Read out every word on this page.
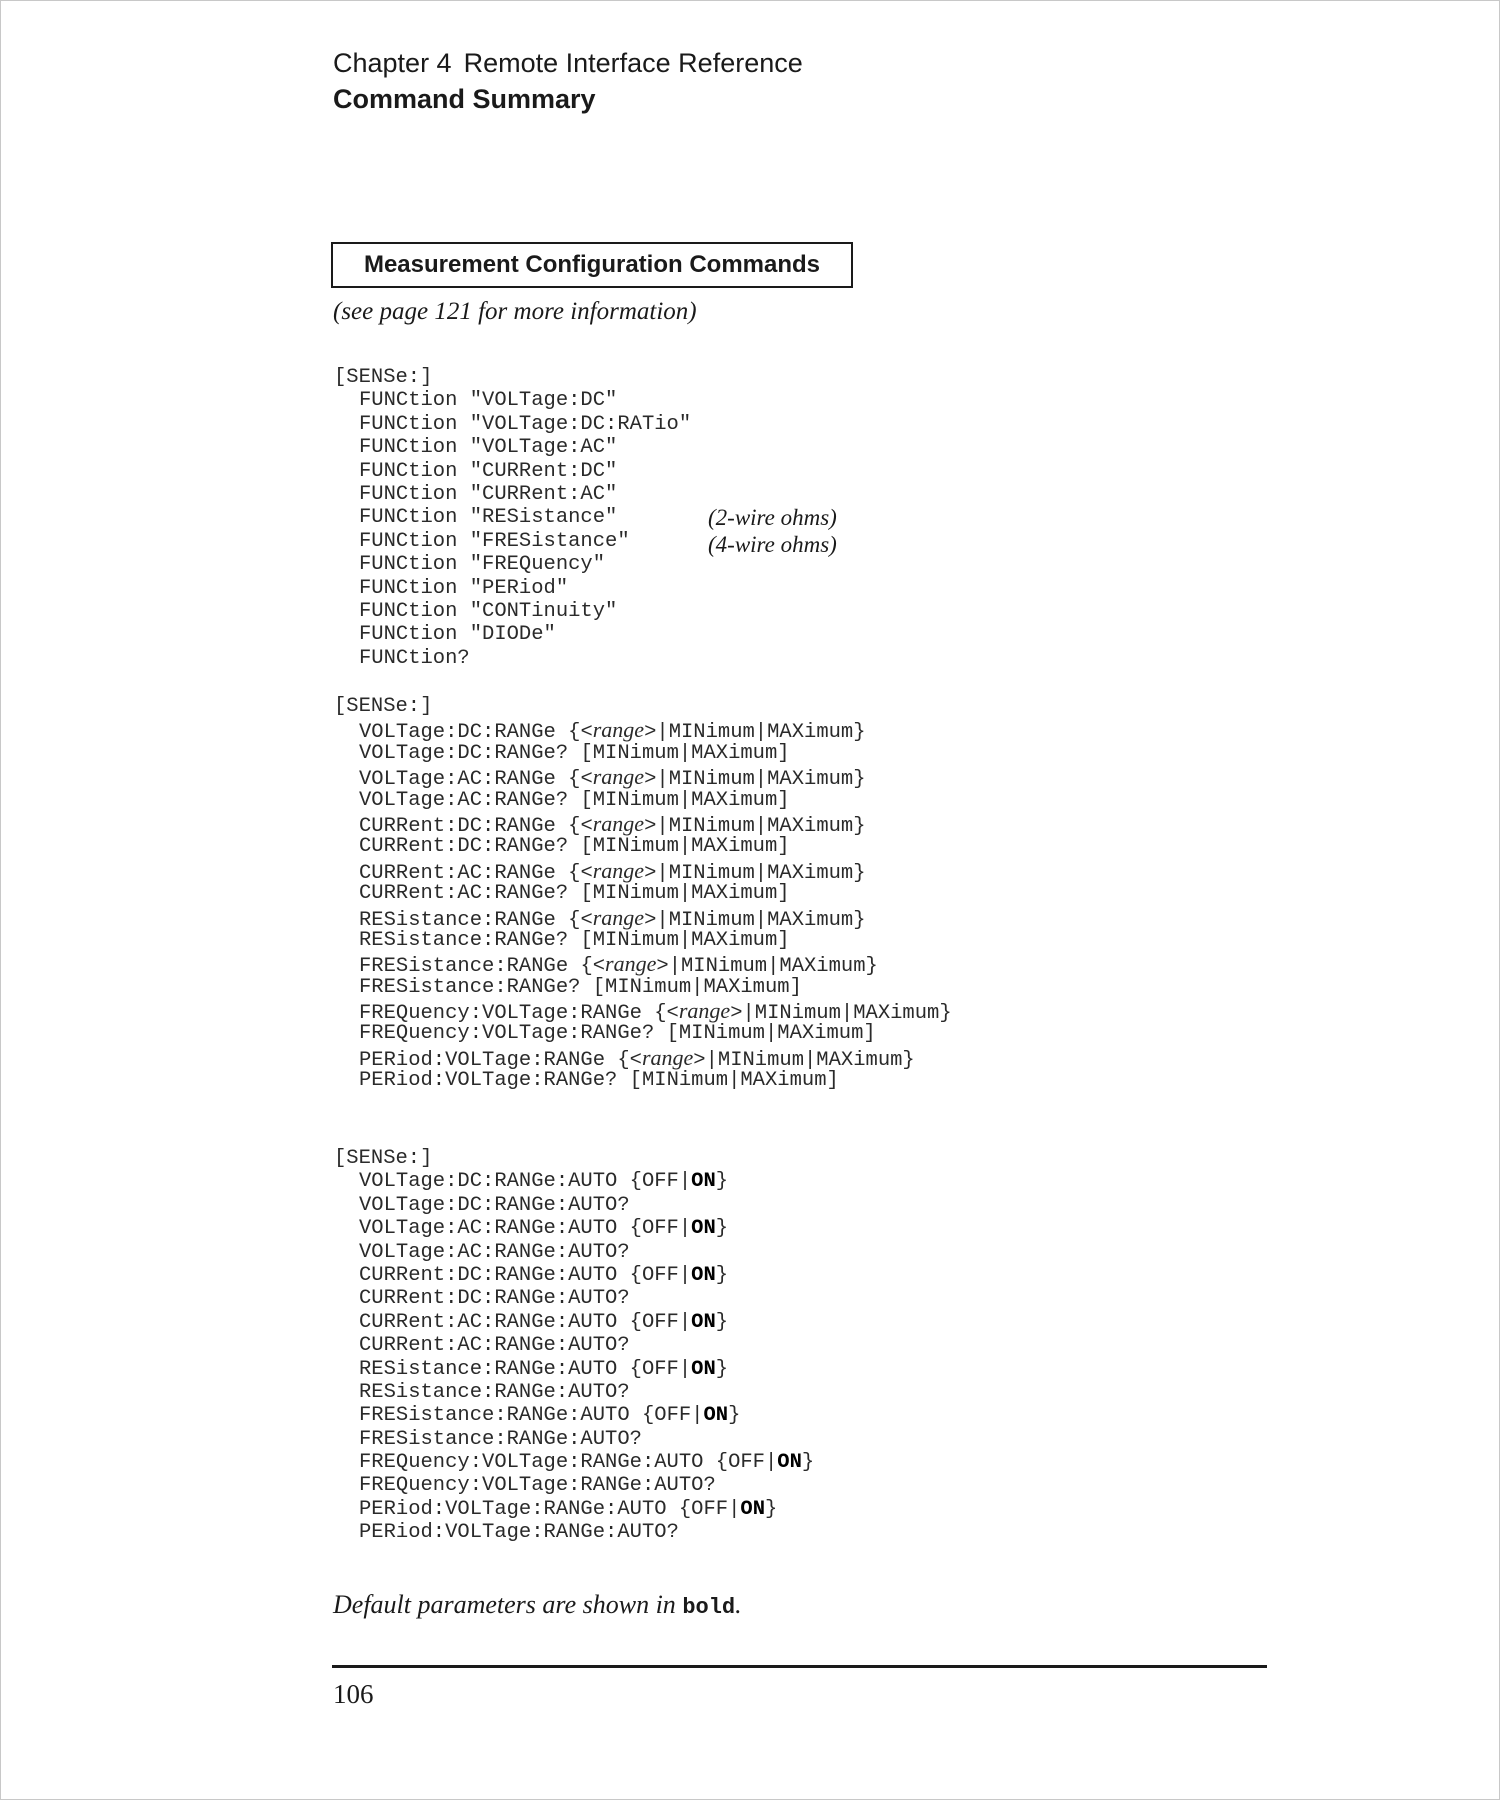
Chapter 4 Remote Interface Reference
Command Summary
Measurement Configuration Commands
(see page 121 for more information)
[SENSe:]
FUNCtion "VOLTage:DC"
FUNCtion "VOLTage:DC:RATio"
FUNCtion "VOLTage:AC"
FUNCtion "CURRent:DC"
FUNCtion "CURRent:AC"
FUNCtion "RESistance"
FUNCtion "FRESistance"
FUNCtion "FREQuency"
FUNCtion "PERiod"
FUNCtion "CONTinuity"
FUNCtion "DIODe"
FUNCtion?
(2-wire ohms)
(4-wire ohms)
[SENSe:]
VOLTage:DC:RANGe {<range>|MINimum|MAXimum}
VOLTage:DC:RANGe? [MINimum|MAXimum]
VOLTage:AC:RANGe {<range>|MINimum|MAXimum}
VOLTage:AC:RANGe? [MINimum|MAXimum]
CURRent:DC:RANGe {<range>|MINimum|MAXimum}
CURRent:DC:RANGe? [MINimum|MAXimum]
CURRent:AC:RANGe {<range>|MINimum|MAXimum}
CURRent:AC:RANGe? [MINimum|MAXimum]
RESistance:RANGe {<range>|MINimum|MAXimum}
RESistance:RANGe? [MINimum|MAXimum]
FRESistance:RANGe {<range>|MINimum|MAXimum}
FRESistance:RANGe? [MINimum|MAXimum]
FREQuency:VOLTage:RANGe {<range>|MINimum|MAXimum}
FREQuency:VOLTage:RANGe? [MINimum|MAXimum]
PERiod:VOLTage:RANGe {<range>|MINimum|MAXimum}
PERiod:VOLTage:RANGe? [MINimum|MAXimum]
[SENSe:]
VOLTage:DC:RANGe:AUTO {OFF|ON}
VOLTage:DC:RANGe:AUTO?
VOLTage:AC:RANGe:AUTO {OFF|ON}
VOLTage:AC:RANGe:AUTO?
CURRent:DC:RANGe:AUTO {OFF|ON}
CURRent:DC:RANGe:AUTO?
CURRent:AC:RANGe:AUTO {OFF|ON}
CURRent:AC:RANGe:AUTO?
RESistance:RANGe:AUTO {OFF|ON}
RESistance:RANGe:AUTO?
FRESistance:RANGe:AUTO {OFF|ON}
FRESistance:RANGe:AUTO?
FREQuency:VOLTage:RANGe:AUTO {OFF|ON}
FREQuency:VOLTage:RANGe:AUTO?
PERiod:VOLTage:RANGe:AUTO {OFF|ON}
PERiod:VOLTage:RANGe:AUTO?
Default parameters are shown in bold.
106
